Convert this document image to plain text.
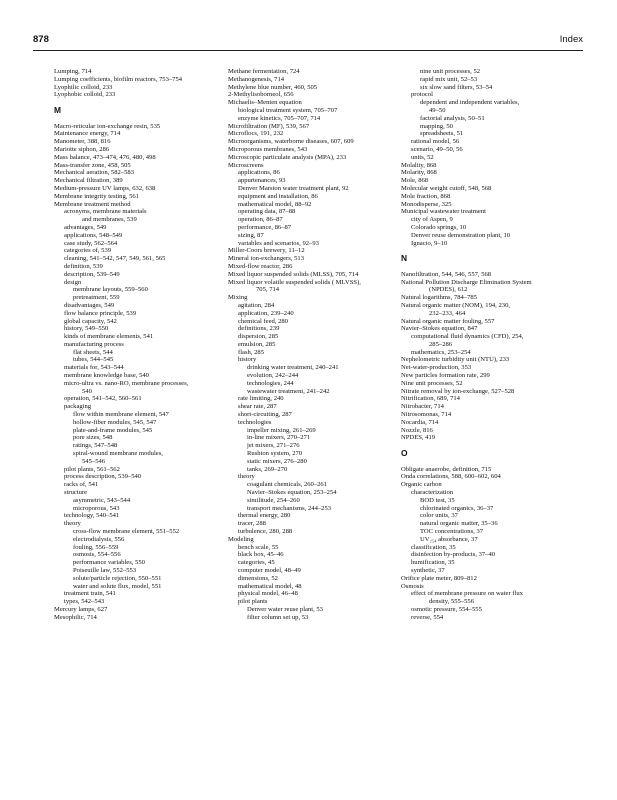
878	Index
Lumping, 714
Lumping coefficients, biofilm reactors, 753–754
Lyophilic colloid, 233
Lyophobic colloid, 233
M
Macro-reticular ion-exchange resin, 535
Maintenance energy, 714
Manometer, 388, 816
Mariotte siphon, 286
Mass balance, 473–474, 476, 480, 498
Mass-transfer zone, 458, 505
Mechanical aeration, 582–583
Mechanical filtration, 389
Medium-pressure UV lamps, 632, 638
Membrane integrity testing, 561
Membrane treatment method
acronyms, membrane materials
and membranes, 539
advantages, 549
applications, 548–549
case study, 562–564
categories of, 539
cleaning, 541–542, 547, 549, 561, 565
definition, 539
description, 539–549
design
membrane layouts, 559–560
pretreatment, 559
disadvantages, 549
flow balance principle, 539
global capacity, 542
history, 549–550
kinds of membrane elements, 541
manufacturing process
flat sheets, 544
tubes, 544–545
materials for, 543–544
membrane knowledge base, 540
micro-ultra vs. nano-RO, membrane processes,
540
operation, 541–542, 560–561
packaging
flow within membrane element, 547
hollow-fiber modules, 545, 547
plate-and-frame modules, 545
pore sizes, 548
ratings, 547–548
spiral-wound membrane modules,
545–546
pilot plants, 561–562
process description, 539–540
racks of, 541
structure
asymmetric, 543–544
microporous, 543
technology, 540–541
theory
cross-flow membrane element, 551–552
electrodialysis, 556
fouling, 556–559
osmosis, 554–556
performance variables, 550
Poiseuille law, 552–553
solute/particle rejection, 550–551
water and solute flux, model, 551
treatment train, 541
types, 542–543
Mercury lamps, 627
Mesophilic, 714
Methane fermentation, 724
Methanogenesis, 714
Methylene blue number, 460, 505
2-Methylisoborneol, 656
Michaelis–Menten equation
biological treatment system, 705–707
enzyme kinetics, 705–707, 714
Microfiltration (MF), 539, 567
Microflocs, 191, 232
Microorganisms, waterborne diseases, 607, 609
Microporous membranes, 543
Microscopic particulate analysis (MPA), 233
Microscreens
applications, 86
appurtenances, 93
Denver Marston water treatment plant, 92
equipment and installation, 86
mathematical model, 88–92
operating data, 87–88
operation, 86–87
performance, 86–87
sizing, 87
variables and scenarios, 92–93
Miller-Coors brewery, 11–12
Mineral ion-exchangers, 513
Mixed-flow reactor, 286
Mixed liquor suspended solids (MLSS), 705, 714
Mixed liquor volatile suspended solids ( MLVSS),
705, 714
Mixing
agitation, 284
application, 239–240
chemical feed, 280
definitions, 239
dispersion, 285
emulsion, 285
flash, 285
history
drinking water treatment, 240–241
evolution, 242–244
technologies, 244
wastewater treatment, 241–242
rate limiting, 240
shear rate, 287
short-circuiting, 287
technologies
impeller mixing, 261–269
in-line mixers, 270–271
jet mixers, 271–276
Rushton system, 270
static mixers, 276–280
tanks, 269–270
theory
coagulant chemicals, 260–261
Navier–Stokes equation, 253–254
similitude, 254–260
transport mechanisms, 244–253
thermal energy, 280
tracer, 288
turbulence, 280, 288
Modeling
bench scale, 55
black box, 45–46
categories, 45
computer model, 48–49
dimensions, 52
mathematical model, 48
physical model, 46–48
pilot plants
Denver water reuse plant, 53
filter column set up, 53
nine unit processes, 52
rapid mix unit, 52–53
six slow sand filters, 53–54
protocol
dependent and independent variables,
49–50
factorial analysis, 50–51
mapping, 50
spreadsheets, 51
rational model, 56
scenario, 49–50, 56
units, 52
Molality, 868
Molarity, 868
Mole, 868
Molecular weight cutoff, 548, 568
Mole fraction, 868
Monodisperse, 325
Municipal wastewater treatment
city of Aspen, 9
Colorado springs, 10
Denver reuse demonstration plant, 10
Ignacio, 9–10
N
Nanofiltration, 544, 546, 557, 568
National Pollution Discharge Elimination System
(NPDES), 612
Natural logarithms, 784–785
Natural organic matter (NOM), 194, 230,
232–233, 464
Natural organic matter fouling, 557
Navier–Stokes equation, 847
computational fluid dynamics (CFD), 254,
285–286
mathematics, 253–254
Nephelometric turbidity unit (NTU), 233
Net-water-production, 353
New particles formation rate, 299
Nine unit processes, 52
Nitrate removal by ion-exchange, 527–528
Nitrification, 689, 714
Nitrobacter, 714
Nitrosomonas, 714
Nocardia, 714
Nozzle, 816
NPDES, 419
O
Obligate anaerobe, definition, 715
Onda correlations, 588, 600–602, 604
Organic carbon
characterization
BOD test, 35
chlorinated organics, 36–37
color units, 37
natural organic matter, 35–36
TOC concentrations, 37
UV₂₅₄ absorbance, 37
classification, 35
disinfection by-products, 37–40
humification, 35
synthetic, 37
Orifice plate meter, 809–812
Osmosis
effect of membrane pressure on water flux
density, 555–556
osmotic pressure, 554–555
reverse, 554
